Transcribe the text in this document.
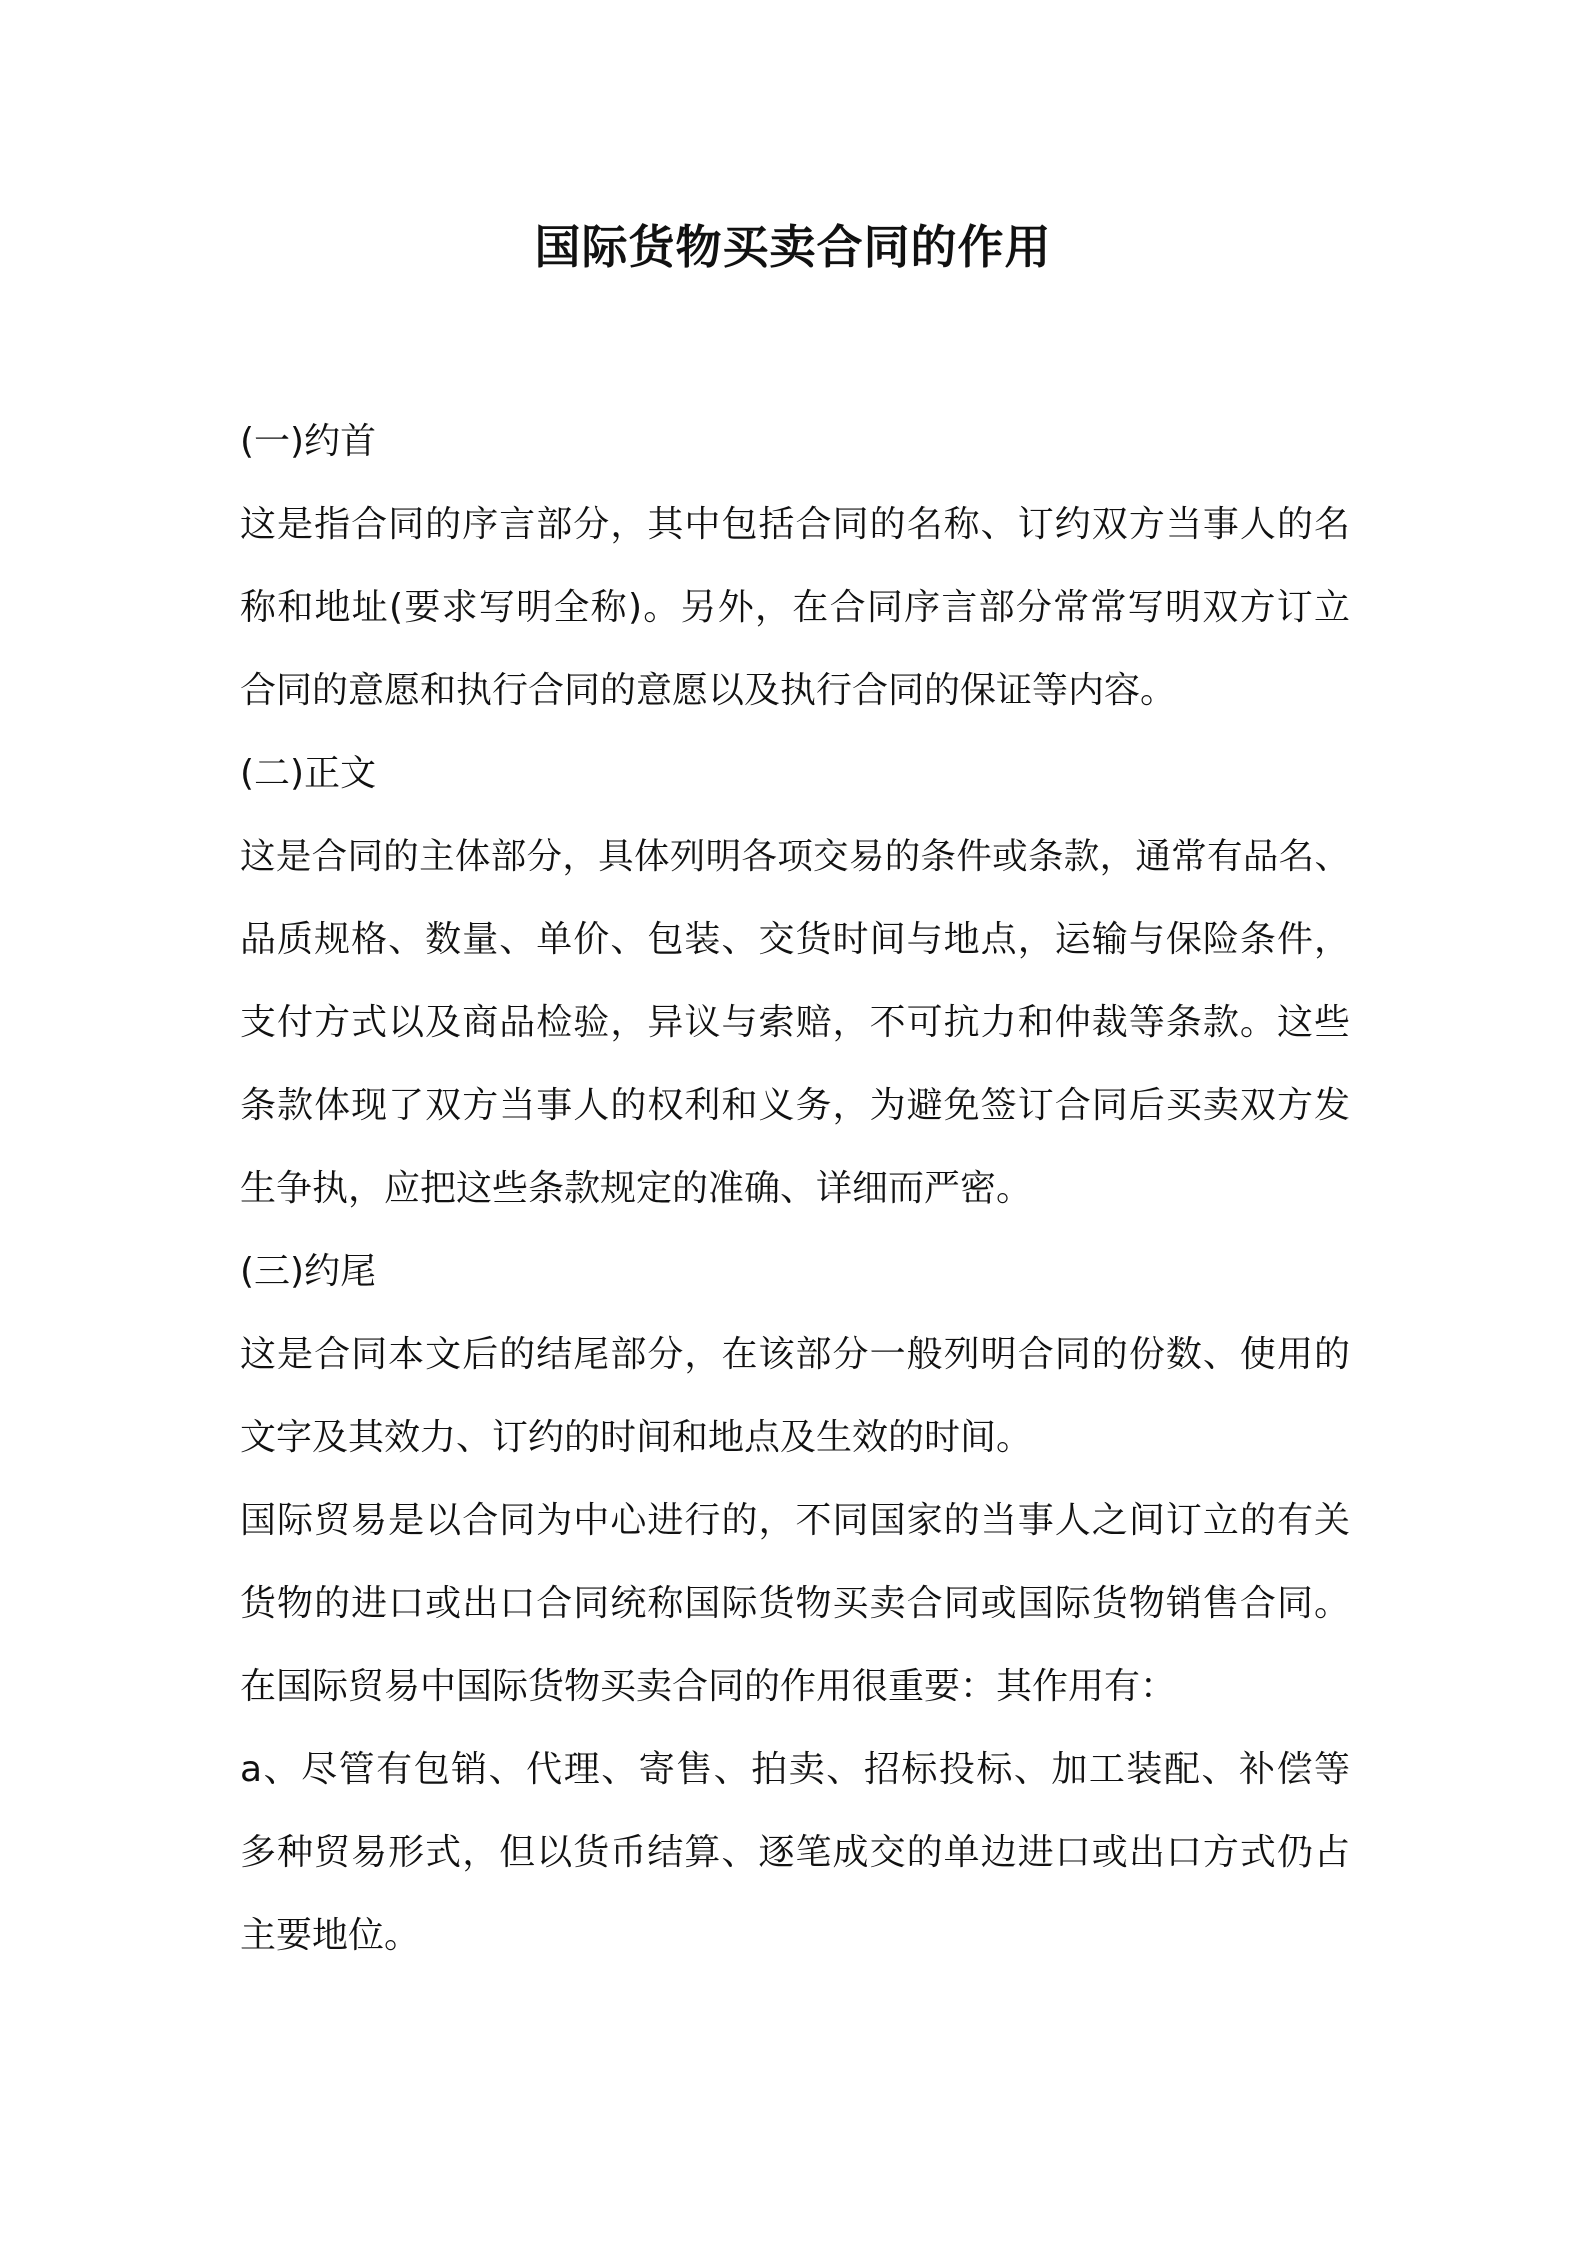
国际货物买卖合同的作用
(一)约首
这是指合同的序言部分，其中包括合同的名称、订约双方当事人的名
称和地址(要求写明全称)。另外，在合同序言部分常常写明双方订立
合同的意愿和执行合同的意愿以及执行合同的保证等内容。
(二)正文
这是合同的主体部分，具体列明各项交易的条件或条款，通常有品名、
品质规格、数量、单价、包装、交货时间与地点，运输与保险条件，
支付方式以及商品检验，异议与索赔，不可抗力和仲裁等条款。这些
条款体现了双方当事人的权利和义务，为避免签订合同后买卖双方发
生争执，应把这些条款规定的准确、详细而严密。
(三)约尾
这是合同本文后的结尾部分，在该部分一般列明合同的份数、使用的
文字及其效力、订约的时间和地点及生效的时间。
国际贸易是以合同为中心进行的，不同国家的当事人之间订立的有关
货物的进口或出口合同统称国际货物买卖合同或国际货物销售合同。
在国际贸易中国际货物买卖合同的作用很重要：其作用有：
a、尽管有包销、代理、寄售、拍卖、招标投标、加工装配、补偿等
多种贸易形式，但以货币结算、逐笔成交的单边进口或出口方式仍占
主要地位。
